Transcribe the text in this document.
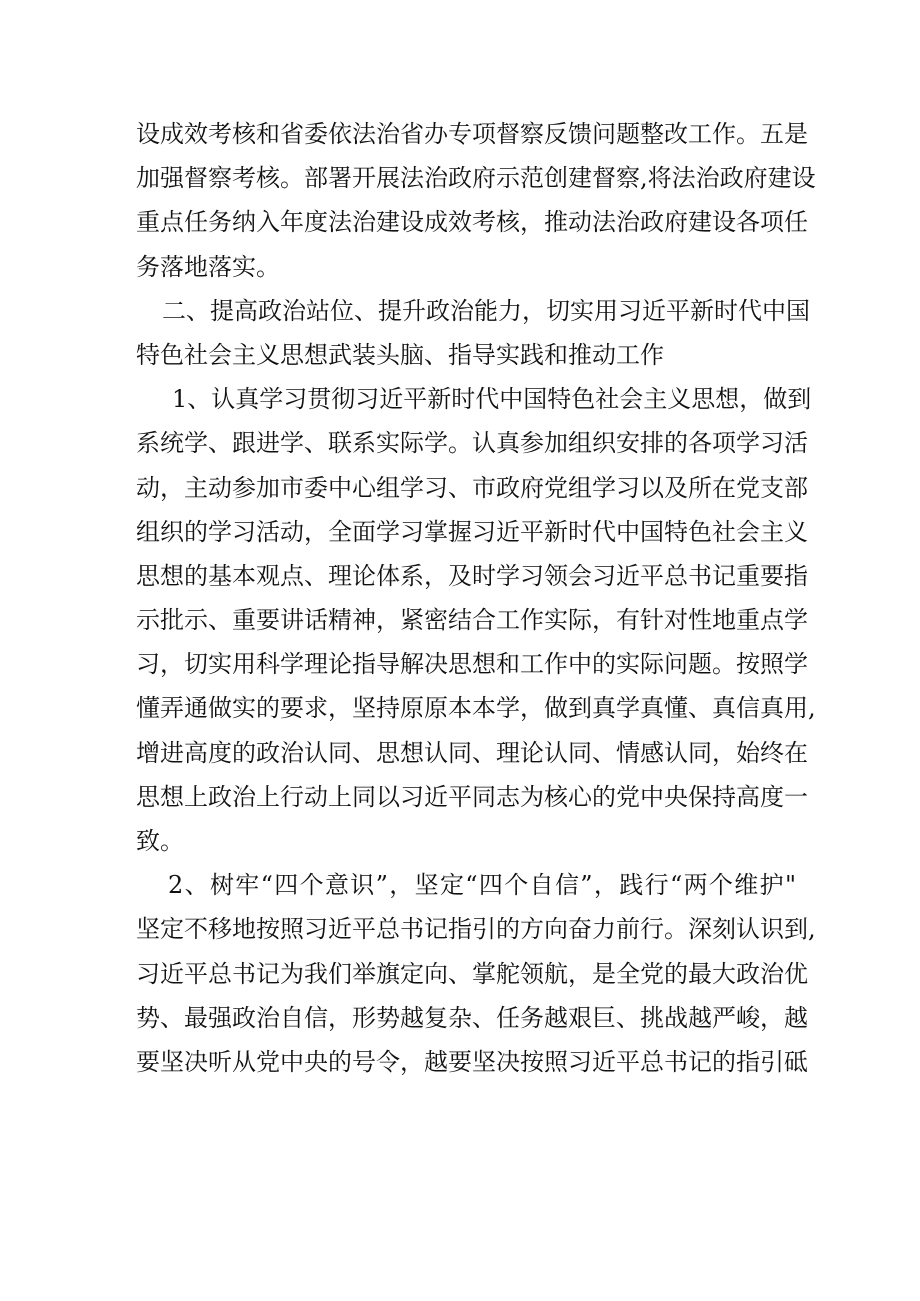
设成效考核和省委依法治省办专项督察反馈问题整改工作。五是
加强督察考核。部署开展法治政府示范创建督察,将法治政府建设
重点任务纳入年度法治建设成效考核，推动法治政府建设各项任
务落地落实。
二、提高政治站位、提升政治能力，切实用习近平新时代中国
特色社会主义思想武装头脑、指导实践和推动工作
1、认真学习贯彻习近平新时代中国特色社会主义思想，做到
系统学、跟进学、联系实际学。认真参加组织安排的各项学习活
动，主动参加市委中心组学习、市政府党组学习以及所在党支部
组织的学习活动，全面学习掌握习近平新时代中国特色社会主义
思想的基本观点、理论体系，及时学习领会习近平总书记重要指
示批示、重要讲话精神，紧密结合工作实际，有针对性地重点学
习，切实用科学理论指导解决思想和工作中的实际问题。按照学
懂弄通做实的要求，坚持原原本本学，做到真学真懂、真信真用,
增进高度的政治认同、思想认同、理论认同、情感认同，始终在
思想上政治上行动上同以习近平同志为核心的党中央保持高度一
致。
2、树牢“四个意识”，坚定“四个自信”，践行“两个维护"
坚定不移地按照习近平总书记指引的方向奋力前行。深刻认识到,
习近平总书记为我们举旗定向、掌舵领航，是全党的最大政治优
势、最强政治自信，形势越复杂、任务越艰巨、挑战越严峻，越
要坚决听从党中央的号令，越要坚决按照习近平总书记的指引砥
